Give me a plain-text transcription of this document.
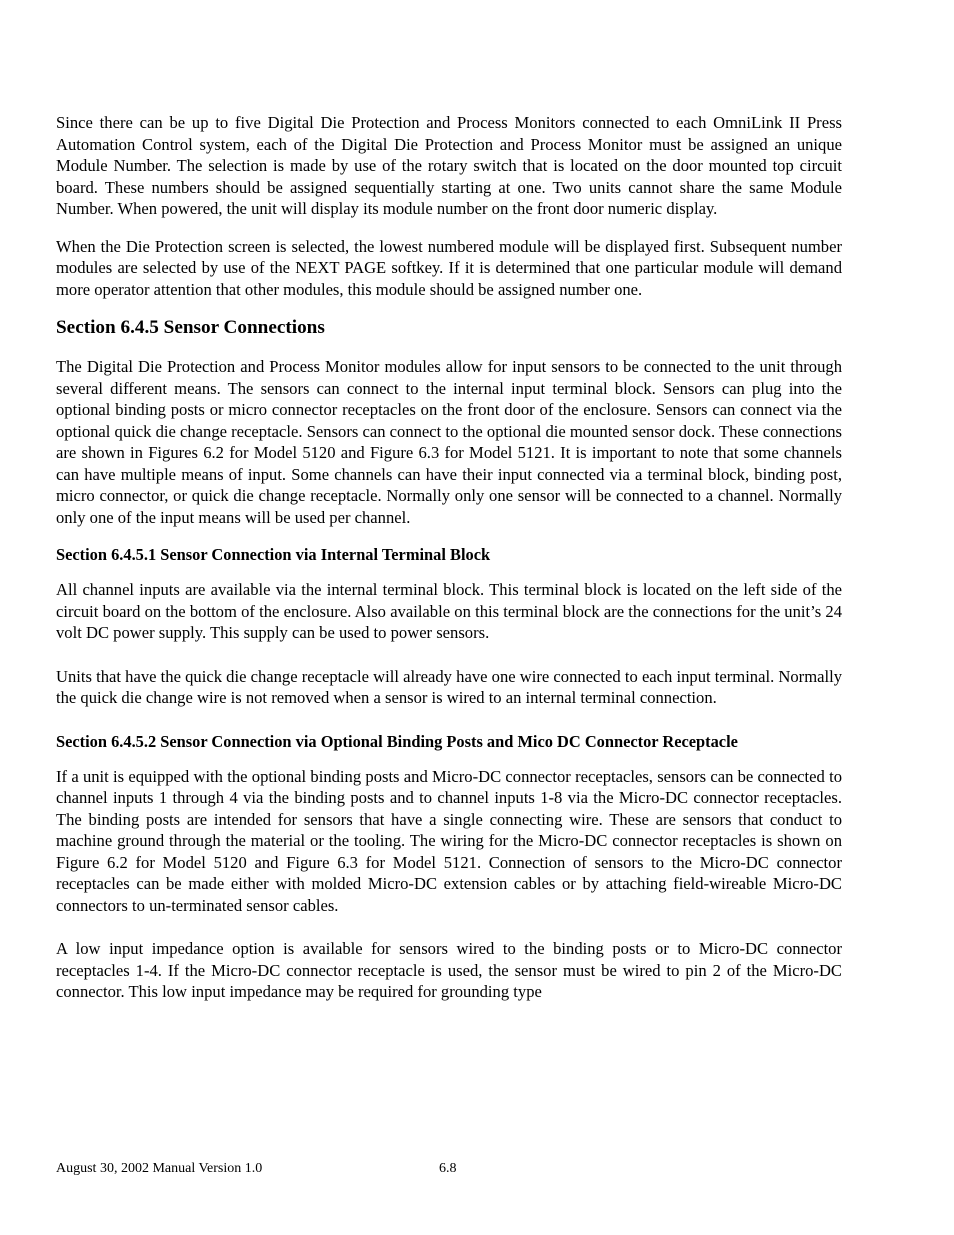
Since there can be up to five Digital Die Protection and Process Monitors connected to each OmniLink II Press Automation Control system, each of the Digital Die Protection and Process Monitor must be assigned an unique Module Number. The selection is made by use of the rotary switch that is located on the door mounted top circuit board. These numbers should be assigned sequentially starting at one. Two units cannot share the same Module Number. When powered, the unit will display its module number on the front door numeric display.

When the Die Protection screen is selected, the lowest numbered module will be displayed first. Subsequent number modules are selected by use of the NEXT PAGE softkey. If it is determined that one particular module will demand more operator attention that other modules, this module should be assigned number one.

Section 6.4.5 Sensor Connections

The Digital Die Protection and Process Monitor modules allow for input sensors to be connected to the unit through several different means. The sensors can connect to the internal input terminal block. Sensors can plug into the optional binding posts or micro connector receptacles on the front door of the enclosure. Sensors can connect via the optional quick die change receptacle. Sensors can connect to the optional die mounted sensor dock. These connections are shown in Figures 6.2 for Model 5120 and Figure 6.3 for Model 5121. It is important to note that some channels can have multiple means of input. Some channels can have their input connected via a terminal block, binding post, micro connector, or quick die change receptacle. Normally only one sensor will be connected to a channel. Normally only one of the input means will be used per channel.

Section 6.4.5.1 Sensor Connection via Internal Terminal Block

All channel inputs are available via the internal terminal block. This terminal block is located on the left side of the circuit board on the bottom of the enclosure. Also available on this terminal block are the connections for the unit’s 24 volt DC power supply. This supply can be used to power sensors.

Units that have the quick die change receptacle will already have one wire connected to each input terminal. Normally the quick die change wire is not removed when a sensor is wired to an internal terminal connection.

Section 6.4.5.2 Sensor Connection via Optional Binding Posts and Mico DC Connector Receptacle

If a unit is equipped with the optional binding posts and Micro-DC connector receptacles, sensors can be connected to channel inputs 1 through 4 via the binding posts and to channel inputs 1-8 via the Micro-DC connector receptacles. The binding posts are intended for sensors that have a single connecting wire. These are sensors that conduct to machine ground through the material or the tooling. The wiring for the Micro-DC connector receptacles is shown on Figure 6.2 for Model 5120 and Figure 6.3 for Model 5121. Connection of sensors to the Micro-DC connector receptacles can be made either with molded Micro-DC extension cables or by attaching field-wireable Micro-DC connectors to un-terminated sensor cables.

A low input impedance option is available for sensors wired to the binding posts or to Micro-DC connector receptacles 1-4. If the Micro-DC connector receptacle is used, the sensor must be wired to pin 2 of the Micro-DC connector. This low input impedance may be required for grounding type

August 30, 2002 Manual Version 1.0	6.8
